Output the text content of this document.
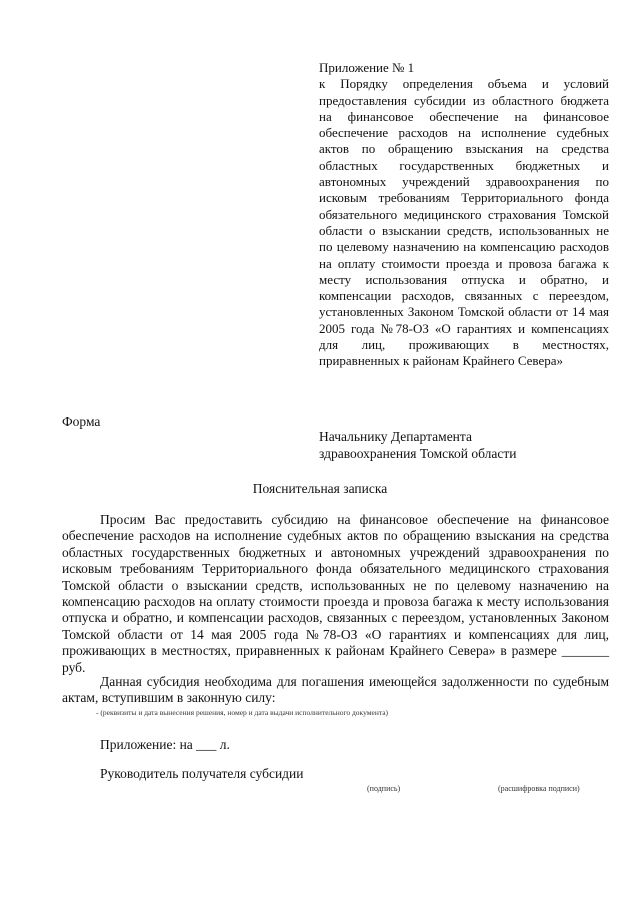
Приложение № 1
к Порядку определения объема и условий предоставления субсидии из областного бюджета на финансовое обеспечение на финансовое обеспечение расходов на исполнение судебных актов по обращению взыскания на средства областных государственных бюджетных и автономных учреждений здравоохранения по исковым требованиям Территориального фонда обязательного медицинского страхования Томской области о взыскании средств, использованных не по целевому назначению на компенсацию расходов на оплату стоимости проезда и провоза багажа к месту использования отпуска и обратно, и компенсации расходов, связанных с переездом, установленных Законом Томской области от 14 мая 2005 года №78-ОЗ «О гарантиях и компенсациях для лиц, проживающих в местностях, приравненных к районам Крайнего Севера»
Форма
Начальнику Департамента
здравоохранения Томской области
Пояснительная записка
Просим Вас предоставить субсидию на финансовое обеспечение на финансовое обеспечение расходов на исполнение судебных актов по обращению взыскания на средства областных государственных бюджетных и автономных учреждений здравоохранения по исковым требованиям Территориального фонда обязательного медицинского страхования Томской области о взыскании средств, использованных не по целевому назначению на компенсацию расходов на оплату стоимости проезда и провоза багажа к месту использования отпуска и обратно, и компенсации расходов, связанных с переездом, установленных Законом Томской области от 14 мая 2005 года №78-ОЗ «О гарантиях и компенсациях для лиц, проживающих в местностях, приравненных к районам Крайнего Севера» в размере _______ руб.
Данная субсидия необходима для погашения имеющейся задолженности по судебным актам, вступившим в законную силу:
- (реквизиты и дата вынесения решения, номер и дата выдачи исполнительного документа)
Приложение: на ___ л.
Руководитель получателя субсидии
(подпись)	(расшифровка подписи)
